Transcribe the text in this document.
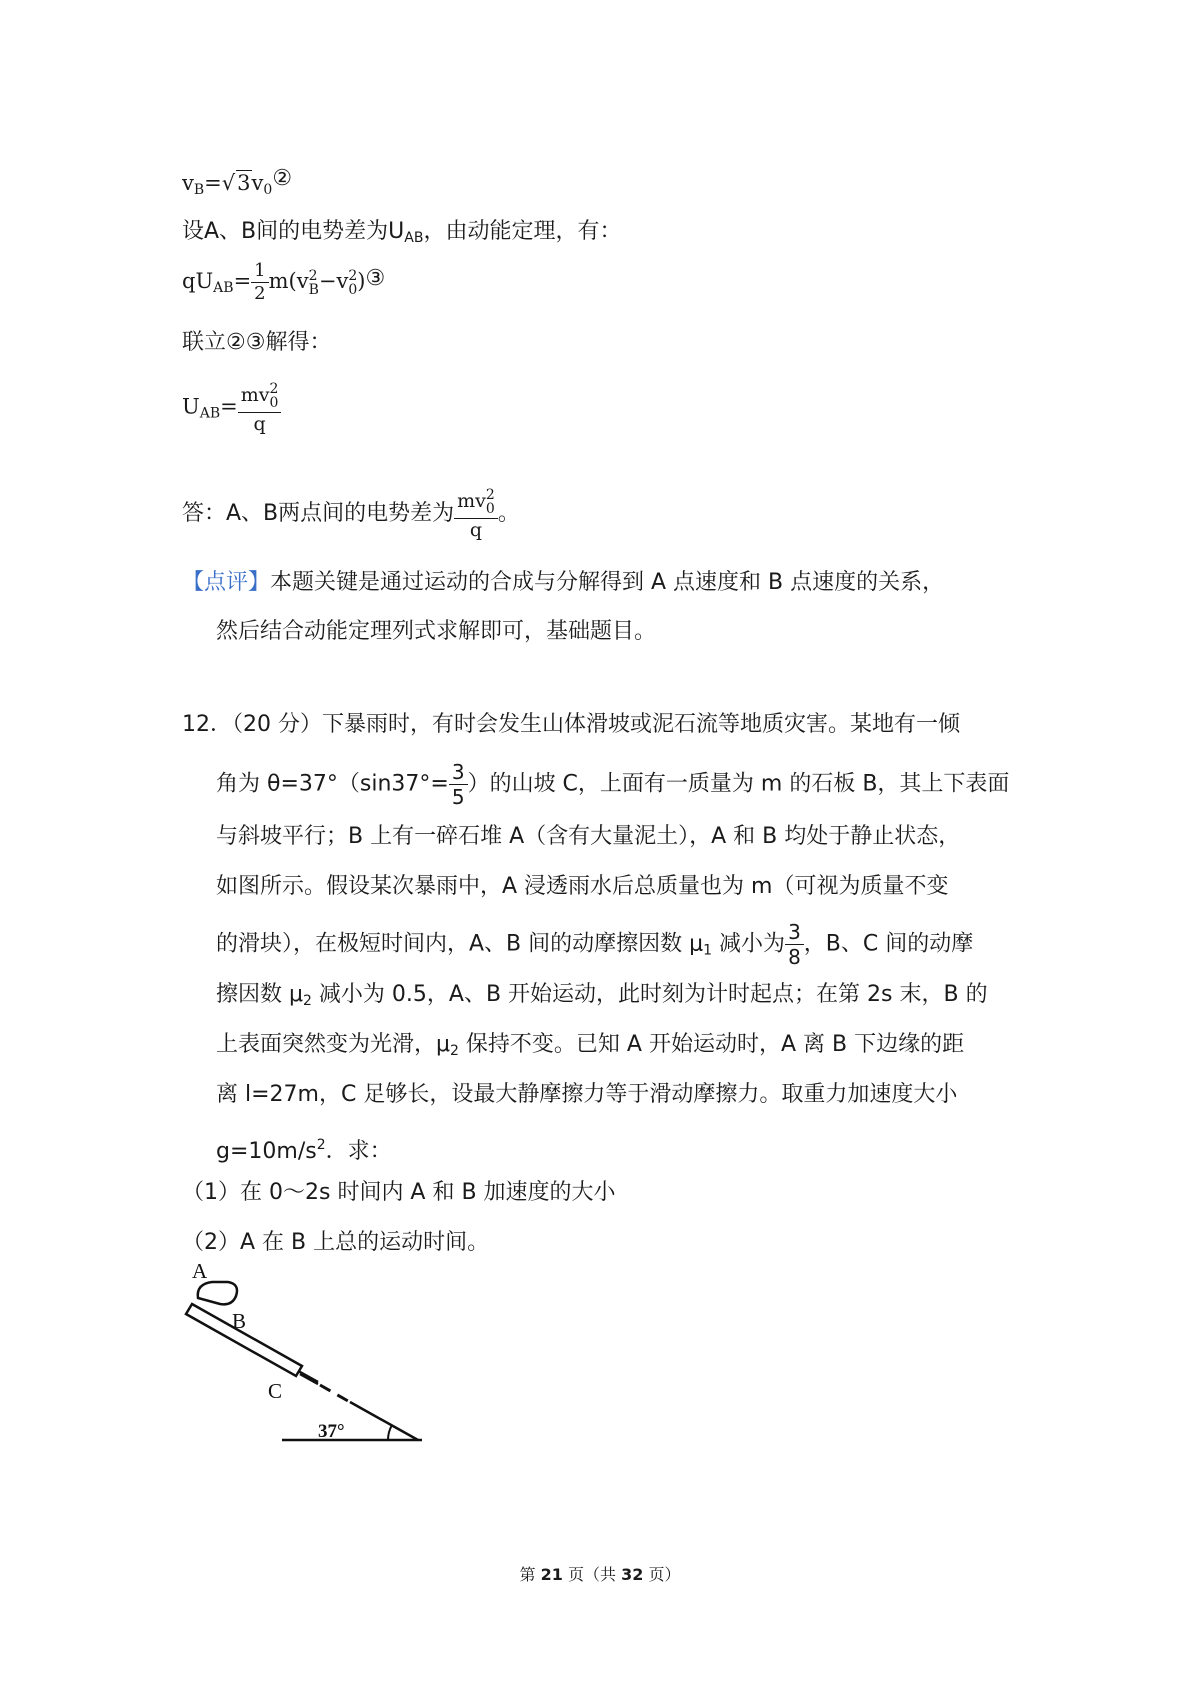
$v_B=√3v_0②$
设A、B间的电势差为$U_{AB}$，由动能定理，有：
$qU_{AB}= \frac{1}{2} m(v$ 2
B −v 2
0 )③
联立②③解得：
$U_{AB}=$ mv 2
0
q
答：A、B两点间的电势差为 mv 2
0
q 。
【点评】本题关键是通过运动的合成与分解得到 A 点速度和 B 点速度的关系，
然后结合动能定理列式求解即可，基础题目。
12．（20 分）下暴雨时，有时会发生山体滑坡或泥石流等地质灾害。某地有一倾
角为 $\theta=37^\circ(\sin 37^\circ= \frac{3}{5}$ ）的山坡 C，上面有一质量为 m 的石板 B，其上下表面
与斜坡平行；B 上有一碎石堆 A（含有大量泥土），A 和 B 均处于静止状态，
如图所示。假设某次暴雨中，A 浸透雨水后总质量也为 m（可视为质量不变
的滑块），在极短时间内，A、B 间的动摩擦因数 $\mu_1$ 减小为 $\frac{3}{8}$ ，B、C 间的动摩
擦因数 $\mu_2$ 减小为 0.5，A、B 开始运动，此时刻为计时起点；在第 2s 末，B 的
上表面突然变为光滑，$\mu_2$ 保持不变。已知 A 开始运动时，A 离 B 下边缘的距
离 l=27m，C 足够长，设最大静摩擦力等于滑动摩擦力。取重力加速度大小
$g=10m/s^2$．求：
（1）在 0～2s 时间内 A 和 B 加速度的大小
（2）A 在 B 上总的运动时间。
A
B
C
37°
第 21 页（共 32 页）
